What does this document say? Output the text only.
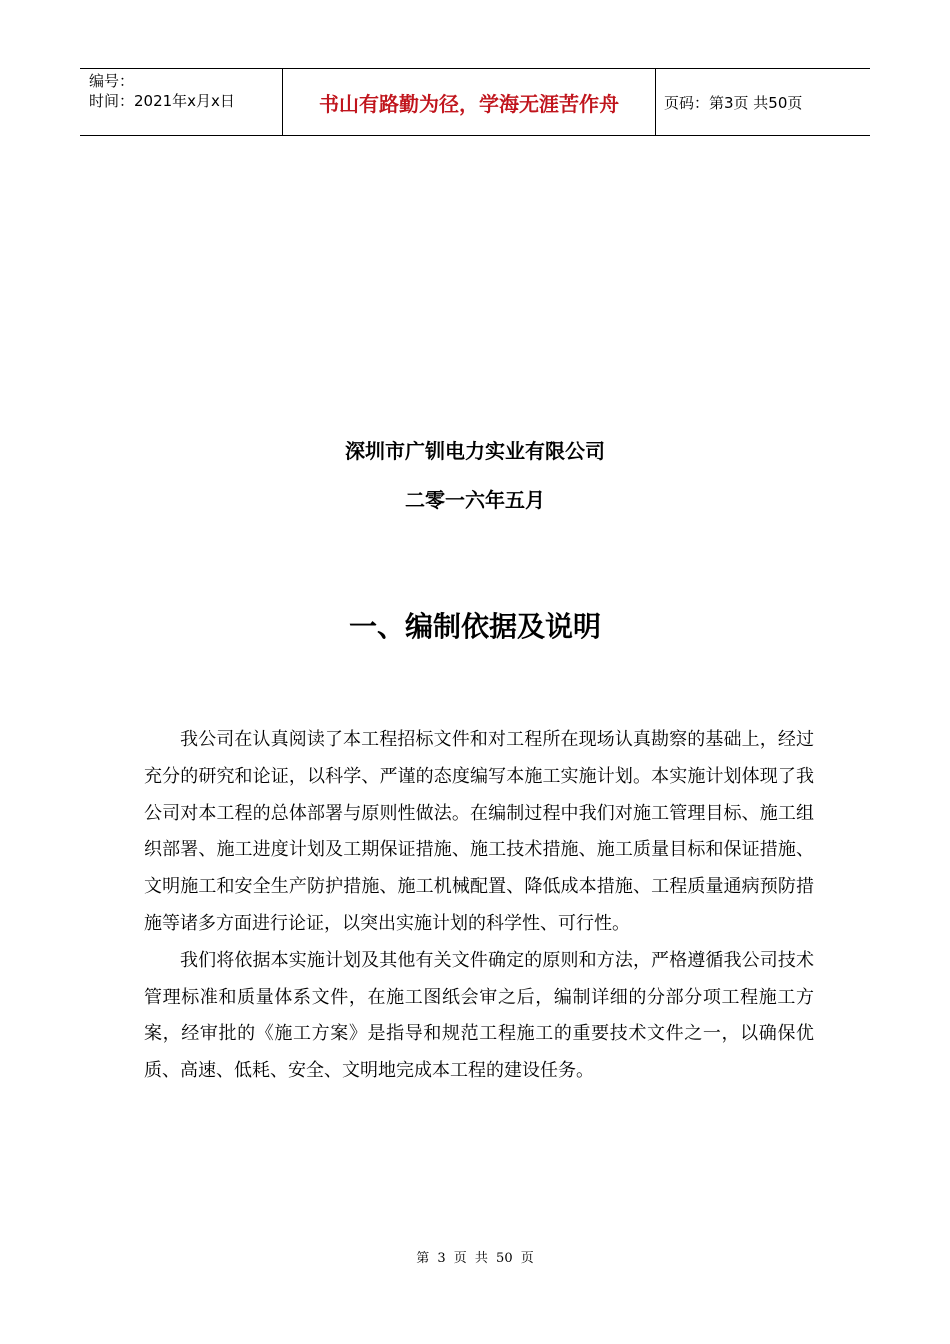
编号：
时间：2021年x月x日	书山有路勤为径，学海无涯苦作舟	页码：第3页 共50页
深圳市广钏电力实业有限公司
二零一六年五月
一、编制依据及说明

我公司在认真阅读了本工程招标文件和对工程所在现场认真勘察的基础上，经过充分的研究和论证，以科学、严谨的态度编写本施工实施计划。本实施计划体现了我公司对本工程的总体部署与原则性做法。在编制过程中我们对施工管理目标、施工组织部署、施工进度计划及工期保证措施、施工技术措施、施工质量目标和保证措施、文明施工和安全生产防护措施、施工机械配置、降低成本措施、工程质量通病预防措施等诸多方面进行论证，以突出实施计划的科学性、可行性。

我们将依据本实施计划及其他有关文件确定的原则和方法，严格遵循我公司技术管理标准和质量体系文件，在施工图纸会审之后，编制详细的分部分项工程施工方案，经审批的《施工方案》是指导和规范工程施工的重要技术文件之一，以确保优质、高速、低耗、安全、文明地完成本工程的建设任务。

第 3 页 共 50 页
